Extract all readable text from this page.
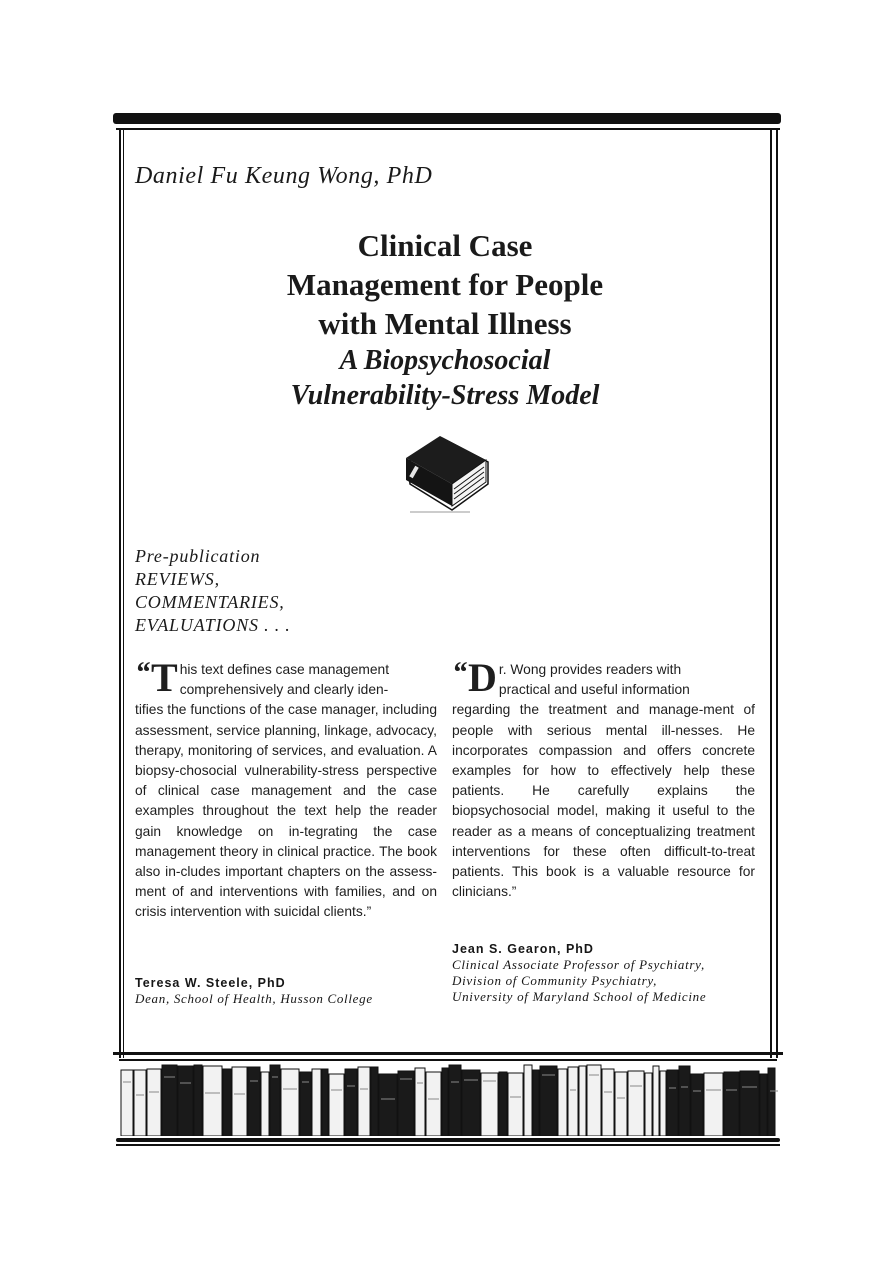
Daniel Fu Keung Wong, PhD

Clinical Case

Management for People

with Mental Illness

A Biopsychosocial

Vulnerability-Stress Model

Pre-publication
REVIEWS,
COMMENTARIES,
EVALUATIONS . . .
“ T his text defines case management
comprehensively and clearly iden-

tifies the functions of the case manager, including assessment, service planning, linkage, advocacy, therapy, monitoring of services, and evaluation. A biopsy-chosocial vulnerability-stress perspective of clinical case management and the case examples throughout the text help the reader gain knowledge on in-tegrating the case management theory in clinical practice. The book also in-cludes important chapters on the assess-ment of and interventions with families, and on crisis intervention with suicidal clients.”

Teresa W. Steele, PhD
Dean, School of Health, Husson College
“ D r. Wong provides readers with
practical and useful information

regarding the treatment and manage-ment of people with serious mental ill-nesses. He incorporates compassion and offers concrete examples for how to effectively help these patients. He carefully explains the biopsychosocial model, making it useful to the reader as a means of conceptualizing treatment interventions for these often difficult-to-treat patients. This book is a valuable resource for clinicians.”

Jean S. Gearon, PhD
Clinical Associate Professor of Psychiatry,
Division of Community Psychiatry,
University of Maryland School of Medicine
